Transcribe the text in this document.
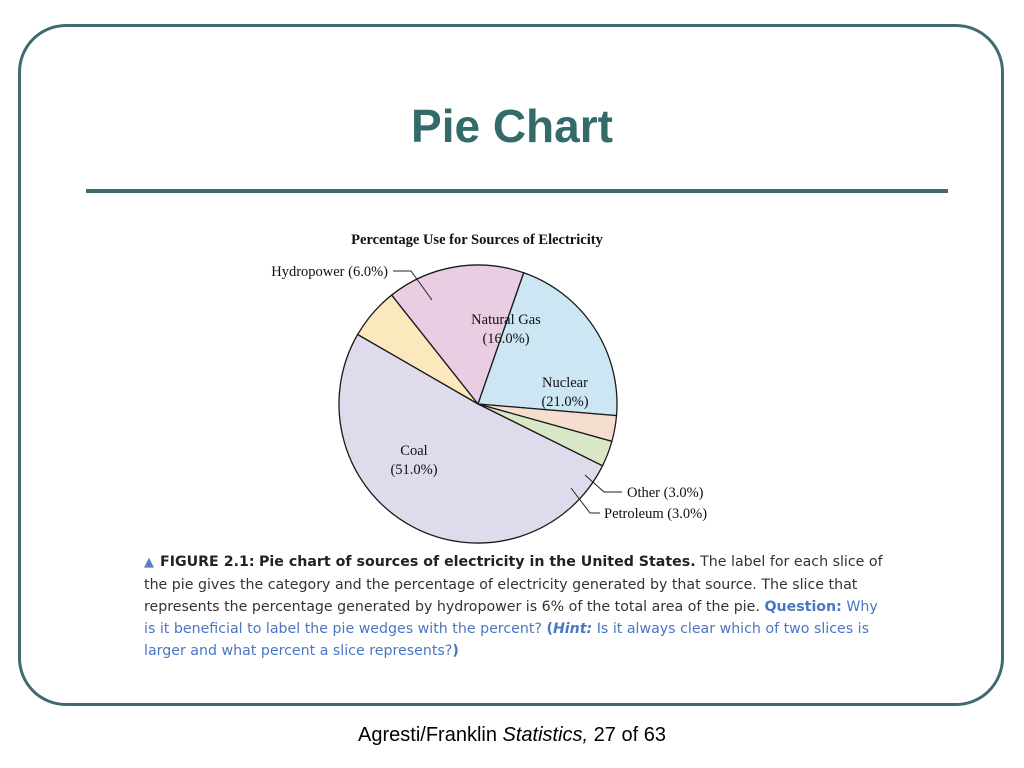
Pie Chart
Percentage Use for Sources of Electricity
Hydropower (6.0%)
Natural Gas
(16.0%)
Nuclear
(21.0%)
Other (3.0%)
Petroleum (3.0%)
Coal
(51.0%)

▲ FIGURE 2.1: Pie chart of sources of electricity in the United States. The label for each slice of the pie gives the category and the percentage of electricity generated by that source. The slice that represents the percentage generated by hydropower is 6% of the total area of the pie. Question: Why is it beneficial to label the pie wedges with the percent? (Hint: Is it always clear which of two slices is larger and what percent a slice represents?)

Agresti/Franklin Statistics, 27 of 63
